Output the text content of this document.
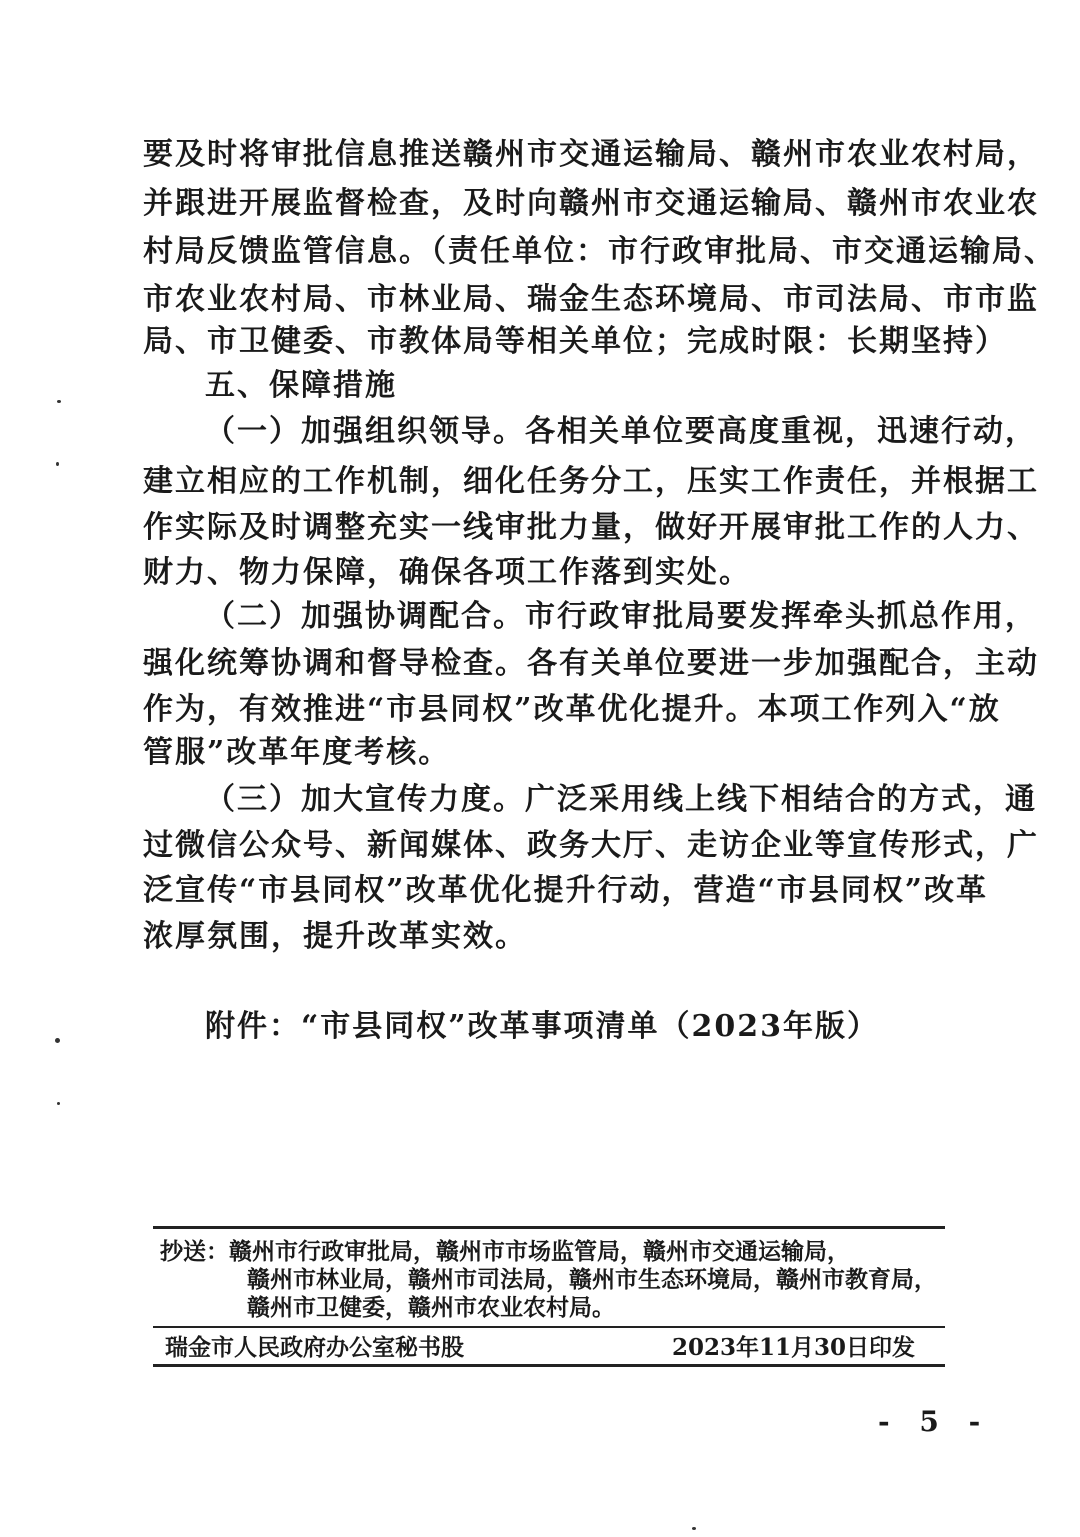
要及时将审批信息推送赣州市交通运输局、赣州市农业农村局，
并跟进开展监督检查，及时向赣州市交通运输局、赣州市农业农
村局反馈监管信息。（责任单位：市行政审批局、市交通运输局、
市农业农村局、市林业局、瑞金生态环境局、市司法局、市市监
局、市卫健委、市教体局等相关单位；完成时限：长期坚持）
五、保障措施
（一）加强组织领导。各相关单位要高度重视，迅速行动，
建立相应的工作机制，细化任务分工，压实工作责任，并根据工
作实际及时调整充实一线审批力量，做好开展审批工作的人力、
财力、物力保障，确保各项工作落到实处。
（二）加强协调配合。市行政审批局要发挥牵头抓总作用，
强化统筹协调和督导检查。各有关单位要进一步加强配合，主动
作为，有效推进“市县同权”改革优化提升。本项工作列入“放
管服”改革年度考核。
（三）加大宣传力度。广泛采用线上线下相结合的方式，通
过微信公众号、新闻媒体、政务大厅、走访企业等宣传形式，广
泛宣传“市县同权”改革优化提升行动，营造“市县同权”改革
浓厚氛围，提升改革实效。
附件：“市县同权”改革事项清单（2023年版）
抄送：赣州市行政审批局，赣州市市场监管局，赣州市交通运输局，
赣州市林业局，赣州市司法局，赣州市生态环境局，赣州市教育局，
赣州市卫健委，赣州市农业农村局。
瑞金市人民政府办公室秘书股	2023年11月30日印发
- 5 -
